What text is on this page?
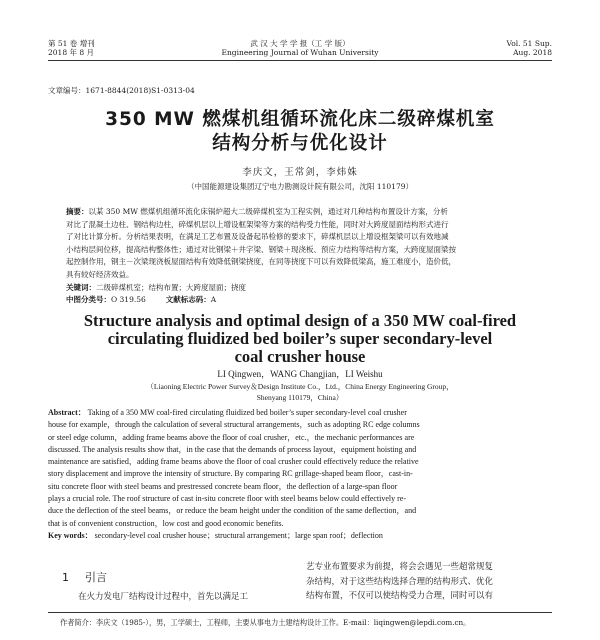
第 51 卷 增刊
2018 年 8 月
武 汉 大 学 学 报（工 学 版）
Engineering Journal of Wuhan University
Vol. 51 Sup.
Aug. 2018
文章编号：1671-8844(2018)S1-0313-04
350 MW 燃煤机组循环流化床二级碎煤机室
结构分析与优化设计
李庆文，王常剑，李炜姝
（中国能源建设集团辽宁电力勘测设计院有限公司，沈阳 110179）
摘要：以某 350 MW 燃煤机组循环流化床锅炉超大二级碎煤机室为工程实例，通过对几种结构布置设计方案，分析
对比了混凝土边柱、钢结构边柱，碎煤机层以上增设框架梁等方案的结构受力性能，同时对大跨度屋面结构形式进行
了对比计算分析。分析结果表明，在满足工艺布置及设备起吊检修的要求下，碎煤机层以上增设框架梁可以有效地减
小结构层间位移，提高结构整体性；通过对比钢梁＋井字梁、钢梁＋现浇板、预应力结构等结构方案，大跨度屋面梁按
起控制作用，钢主－次梁现浇板屋面结构有效降低钢梁挠度，在同等挠度下可以有效降低梁高，施工难度小，造价低，
具有较好经济效益。
关键词：二级碎煤机室；结构布置；大跨度屋面；挠度
中图分类号：O 319.56	文献标志码：A
Structure analysis and optimal design of a 350 MW coal-fired
circulating fluidized bed boiler’s super secondary-level
coal crusher house
LI Qingwen，WANG Changjian，LI Weishu
（Liaoning Electric Power Survey＆Design Institute Co.，Ltd.，China Energy Engineering Group，
Shenyang 110179，China）
Abstract： Taking of a 350 MW coal-fired circulating fluidized bed boiler’s super secondary-level coal crusher
house for example，through the calculation of several structural arrangements，such as adopting RC edge columns
or steel edge column，adding frame beams above the floor of coal crusher，etc.，the mechanic performances are
discussed. The analysis results show that，in the case that the demands of process layout，equipment hoisting and
maintenance are satisfied，adding frame beams above the floor of coal crusher could effectively reduce the relative
story displacement and improve the intensity of structure. By comparing RC grillage-shaped beam floor，cast-in-
situ concrete floor with steel beams and prestressed concrete beam floor，the deflection of a large-span floor
plays a crucial role. The roof structure of cast in-situ concrete floor with steel beams below could effectively re-
duce the deflection of the steel beams，or reduce the beam height under the condition of the same deflection，and
that is of convenient construction，low cost and good economic benefits.
Key words： secondary-level coal crusher house；structural arrangement；large span roof；deflection
1 引言
在火力发电厂结构设计过程中，首先以满足工
艺专业布置要求为前提，将会会遇见一些超常规复
杂结构，对于这些结构选择合理的结构形式、优化
结构布置，不仅可以使结构受力合理，同时可以有
作者简介：李庆文（1985-），男，工学硕士，工程师，主要从事电力土建结构设计工作。E-mail：liqingwen@lepdi.com.cn。
